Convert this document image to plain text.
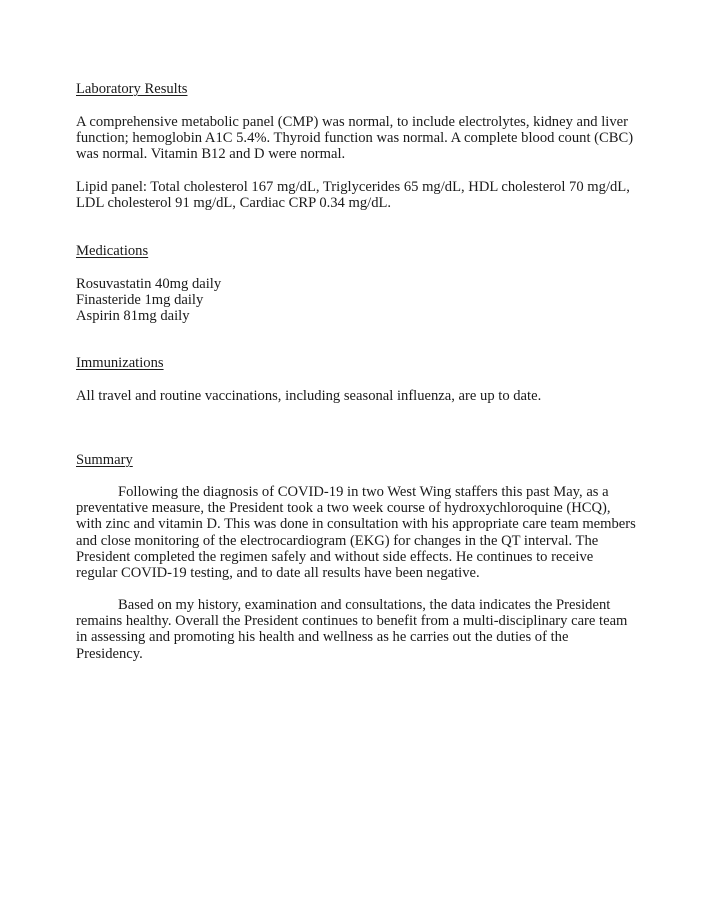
Laboratory Results

A comprehensive metabolic panel (CMP) was normal, to include electrolytes, kidney and liver function; hemoglobin A1C 5.4%. Thyroid function was normal. A complete blood count (CBC) was normal. Vitamin B12 and D were normal.

Lipid panel: Total cholesterol 167 mg/dL, Triglycerides 65 mg/dL, HDL cholesterol 70 mg/dL, LDL cholesterol 91 mg/dL, Cardiac CRP 0.34 mg/dL.

Medications
Rosuvastatin 40mg daily
Finasteride 1mg daily
Aspirin 81mg daily
Immunizations

All travel and routine vaccinations, including seasonal influenza, are up to date.

Summary

Following the diagnosis of COVID-19 in two West Wing staffers this past May, as a preventative measure, the President took a two week course of hydroxychloroquine (HCQ), with zinc and vitamin D. This was done in consultation with his appropriate care team members and close monitoring of the electrocardiogram (EKG) for changes in the QT interval. The President completed the regimen safely and without side effects. He continues to receive regular COVID-19 testing, and to date all results have been negative.

Based on my history, examination and consultations, the data indicates the President remains healthy. Overall the President continues to benefit from a multi-disciplinary care team in assessing and promoting his health and wellness as he carries out the duties of the Presidency.
